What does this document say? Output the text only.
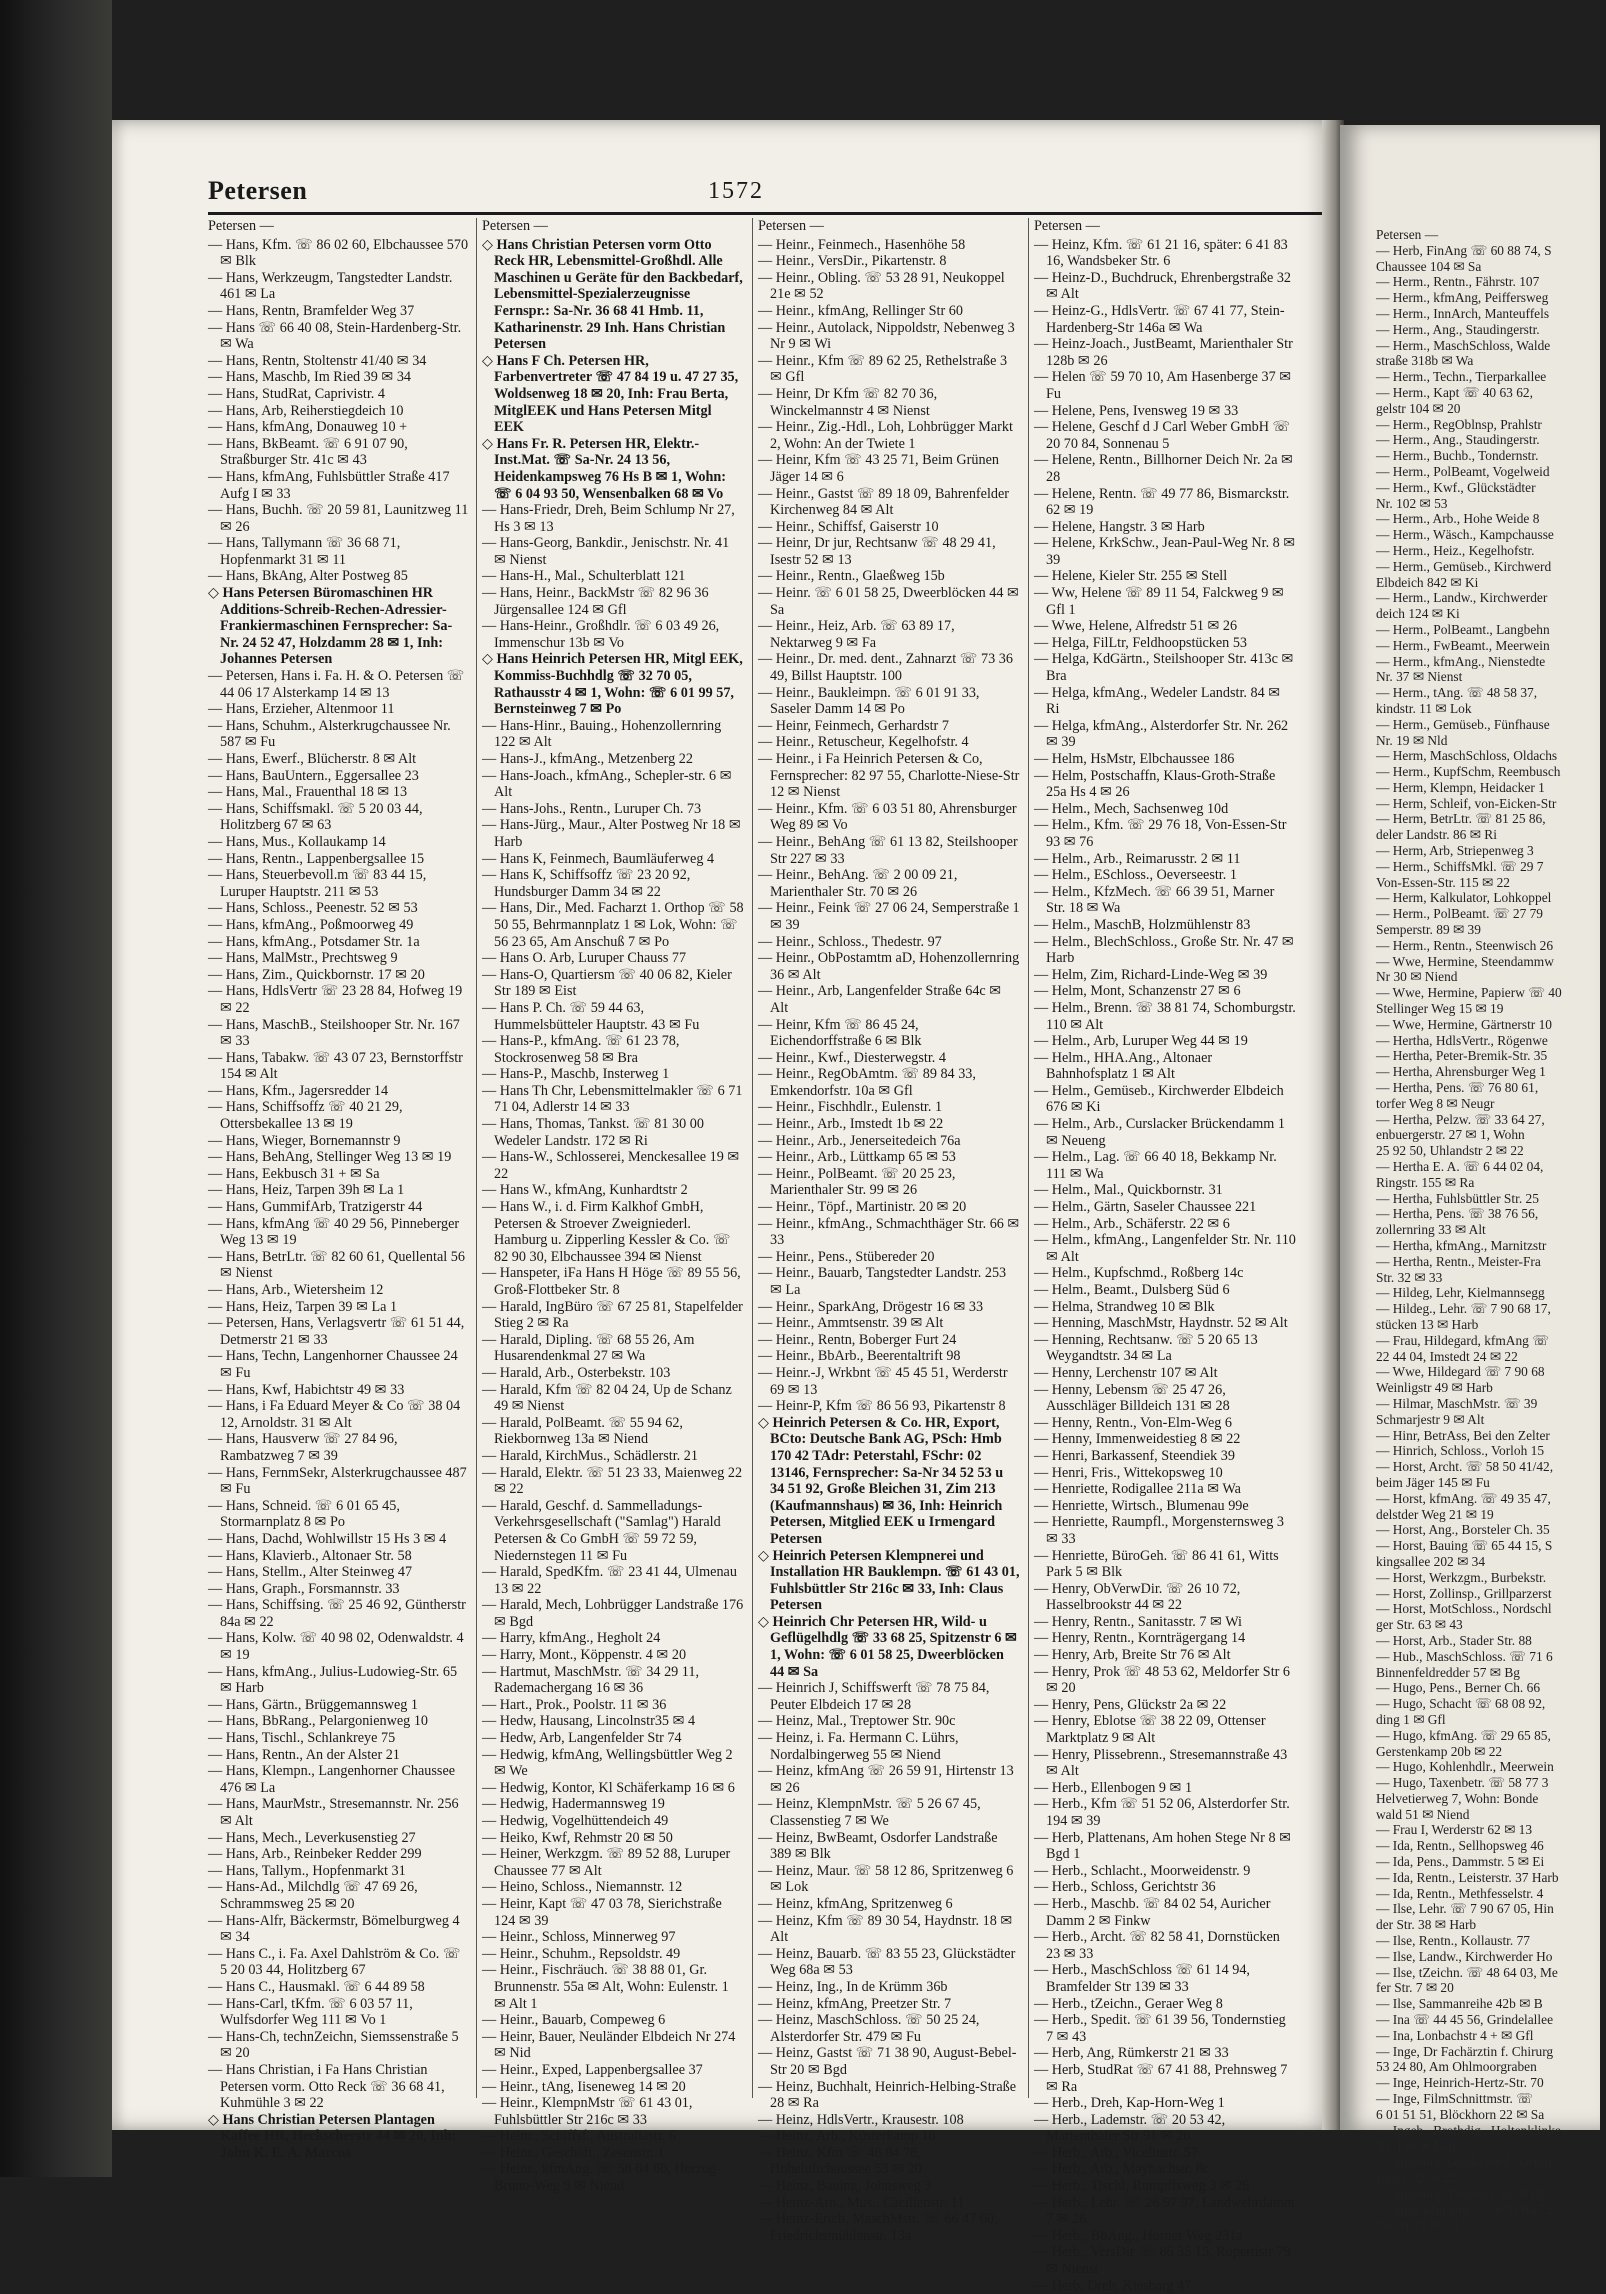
Petersen	1572

Petersen —

— Hans, Kfm. ☏ 86 02 60, Elbchaussee 570 ✉ Blk

— Hans, Werkzeugm, Tangstedter Landstr. 461 ✉ La

— Hans, Rentn, Bramfelder Weg 37

— Hans ☏ 66 40 08, Stein-Hardenberg-Str. ✉ Wa

— Hans, Rentn, Stoltenstr 41/40 ✉ 34

— Hans, Maschb, Im Ried 39 ✉ 34

— Hans, StudRat, Caprivistr. 4

— Hans, Arb, Reiherstiegdeich 10

— Hans, kfmAng, Donauweg 10 +

— Hans, BkBeamt. ☏ 6 91 07 90, Straßburger Str. 41c ✉ 43

— Hans, kfmAng, Fuhlsbüttler Straße 417 Aufg I ✉ 33

— Hans, Buchh. ☏ 20 59 81, Launitzweg 11 ✉ 26

— Hans, Tallymann ☏ 36 68 71, Hopfenmarkt 31 ✉ 11

— Hans, BkAng, Alter Postweg 85

◇ Hans Petersen Büromaschinen HR Additions-Schreib-Rechen-Adressier-Frankiermaschinen Fernsprecher: Sa-Nr. 24 52 47, Holzdamm 28 ✉ 1, Inh: Johannes Petersen

— Petersen, Hans i. Fa. H. & O. Petersen ☏ 44 06 17 Alsterkamp 14 ✉ 13

— Hans, Erzieher, Altenmoor 11

— Hans, Schuhm., Alsterkrugchaussee Nr. 587 ✉ Fu

— Hans, Ewerf., Blücherstr. 8 ✉ Alt

— Hans, BauUntern., Eggersallee 23

— Hans, Mal., Frauenthal 18 ✉ 13

— Hans, Schiffsmakl. ☏ 5 20 03 44, Holitzberg 67 ✉ 63

— Hans, Mus., Kollaukamp 14

— Hans, Rentn., Lappenbergsallee 15

— Hans, Steuerbevoll.m ☏ 83 44 15, Luruper Hauptstr. 211 ✉ 53

— Hans, Schloss., Peenestr. 52 ✉ 53

— Hans, kfmAng., Poßmoorweg 49

— Hans, kfmAng., Potsdamer Str. 1a

— Hans, MalMstr., Prechtsweg 9

— Hans, Zim., Quickbornstr. 17 ✉ 20

— Hans, HdlsVertr ☏ 23 28 84, Hofweg 19 ✉ 22

— Hans, MaschB., Steilshooper Str. Nr. 167 ✉ 33

— Hans, Tabakw. ☏ 43 07 23, Bernstorffstr 154 ✉ Alt

— Hans, Kfm., Jagersredder 14

— Hans, Schiffsoffz ☏ 40 21 29, Ottersbekallee 13 ✉ 19

— Hans, Wieger, Bornemannstr 9

— Hans, BehAng, Stellinger Weg 13 ✉ 19

— Hans, Eekbusch 31 + ✉ Sa

— Hans, Heiz, Tarpen 39h ✉ La 1

— Hans, GummifArb, Tratzigerstr 44

— Hans, kfmAng ☏ 40 29 56, Pinneberger Weg 13 ✉ 19

— Hans, BetrLtr. ☏ 82 60 61, Quellental 56 ✉ Nienst

— Hans, Arb., Wietersheim 12

— Hans, Heiz, Tarpen 39 ✉ La 1

— Petersen, Hans, Verlagsvertr ☏ 61 51 44, Detmerstr 21 ✉ 33

— Hans, Techn, Langenhorner Chaussee 24 ✉ Fu

— Hans, Kwf, Habichtstr 49 ✉ 33

— Hans, i Fa Eduard Meyer & Co ☏ 38 04 12, Arnoldstr. 31 ✉ Alt

— Hans, Hausverw ☏ 27 84 96, Rambatzweg 7 ✉ 39

— Hans, FernmSekr, Alsterkrugchaussee 487 ✉ Fu

— Hans, Schneid. ☏ 6 01 65 45, Stormarnplatz 8 ✉ Po

— Hans, Dachd, Wohlwillstr 15 Hs 3 ✉ 4

— Hans, Klavierb., Altonaer Str. 58

— Hans, Stellm., Alter Steinweg 47

— Hans, Graph., Forsmannstr. 33

— Hans, Schiffsing. ☏ 25 46 92, Güntherstr 84a ✉ 22

— Hans, Kolw. ☏ 40 98 02, Odenwaldstr. 4 ✉ 19

— Hans, kfmAng., Julius-Ludowieg-Str. 65 ✉ Harb

— Hans, Gärtn., Brüggemannsweg 1

— Hans, BbRang., Pelargonienweg 10

— Hans, Tischl., Schlankreye 75

— Hans, Rentn., An der Alster 21

— Hans, Klempn., Langenhorner Chaussee 476 ✉ La

— Hans, MaurMstr., Stresemannstr. Nr. 256 ✉ Alt

— Hans, Mech., Leverkusenstieg 27

— Hans, Arb., Reinbeker Redder 299

— Hans, Tallym., Hopfenmarkt 31

— Hans-Ad., Milchdlg ☏ 47 69 26, Schrammsweg 25 ✉ 20

— Hans-Alfr, Bäckermstr, Bömelburgweg 4 ✉ 34

— Hans C., i. Fa. Axel Dahlström & Co. ☏ 5 20 03 44, Holitzberg 67

— Hans C., Hausmakl. ☏ 6 44 89 58

— Hans-Carl, tKfm. ☏ 6 03 57 11, Wulfsdorfer Weg 111 ✉ Vo 1

— Hans-Ch, technZeichn, Siemssenstraße 5 ✉ 20

— Hans Christian, i Fa Hans Christian Petersen vorm. Otto Reck ☏ 36 68 41, Kuhmühle 3 ✉ 22

◇ Hans Christian Petersen Plantagen Kaffee HR, Heckscherstr 44 ✉ 20, Inh: John K. E. A. Marcus

Petersen —

◇ Hans Christian Petersen vorm Otto Reck HR, Lebensmittel-Großhdl. Alle Maschinen u Geräte für den Backbedarf, Lebensmittel-Spezialerzeugnisse Fernspr.: Sa-Nr. 36 68 41 Hmb. 11, Katharinenstr. 29 Inh. Hans Christian Petersen

◇ Hans F Ch. Petersen HR, Farbenvertreter ☏ 47 84 19 u. 47 27 35, Woldsenweg 18 ✉ 20, Inh: Frau Berta, MitglEEK und Hans Petersen Mitgl EEK

◇ Hans Fr. R. Petersen HR, Elektr.-Inst.Mat. ☏ Sa-Nr. 24 13 56, Heidenkampsweg 76 Hs B ✉ 1, Wohn: ☏ 6 04 93 50, Wensenbalken 68 ✉ Vo

— Hans-Friedr, Dreh, Beim Schlump Nr 27, Hs 3 ✉ 13

— Hans-Georg, Bankdir., Jenischstr. Nr. 41 ✉ Nienst

— Hans-H., Mal., Schulterblatt 121

— Hans, Heinr., BackMstr ☏ 82 96 36 Jürgensallee 124 ✉ Gfl

— Hans-Heinr., Großhdlr. ☏ 6 03 49 26, Immenschur 13b ✉ Vo

◇ Hans Heinrich Petersen HR, Mitgl EEK, Kommiss-Buchhdlg ☏ 32 70 05, Rathausstr 4 ✉ 1, Wohn: ☏ 6 01 99 57, Bernsteinweg 7 ✉ Po

— Hans-Hinr., Bauing., Hohenzollernring 122 ✉ Alt

— Hans-J., kfmAng., Metzenberg 22

— Hans-Joach., kfmAng., Schepler-str. 6 ✉ Alt

— Hans-Johs., Rentn., Luruper Ch. 73

— Hans-Jürg., Maur., Alter Postweg Nr 18 ✉ Harb

— Hans K, Feinmech, Baumläuferweg 4

— Hans K, Schiffsoffz ☏ 23 20 92, Hundsburger Damm 34 ✉ 22

— Hans, Dir., Med. Facharzt 1. Orthop ☏ 58 50 55, Behrmannplatz 1 ✉ Lok, Wohn: ☏ 56 23 65, Am Anschuß 7 ✉ Po

— Hans O. Arb, Luruper Chauss 77

— Hans-O, Quartiersm ☏ 40 06 82, Kieler Str 189 ✉ Eist

— Hans P. Ch. ☏ 59 44 63, Hummelsbütteler Hauptstr. 43 ✉ Fu

— Hans-P., kfmAng. ☏ 61 23 78, Stockrosenweg 58 ✉ Bra

— Hans-P., Maschb, Insterweg 1

— Hans Th Chr, Lebensmittelmakler ☏ 6 71 71 04, Adlerstr 14 ✉ 33

— Hans, Thomas, Tankst. ☏ 81 30 00 Wedeler Landstr. 172 ✉ Ri

— Hans-W., Schlosserei, Menckesallee 19 ✉ 22

— Hans W., kfmAng, Kunhardtstr 2

— Hans W., i. d. Firm Kalkhof GmbH, Petersen & Stroever Zweigniederl. Hamburg u. Zipperling Kessler & Co. ☏ 82 90 30, Elbchaussee 394 ✉ Nienst

— Hanspeter, iFa Hans H Höge ☏ 89 55 56, Groß-Flottbeker Str. 8

— Harald, IngBüro ☏ 67 25 81, Stapelfelder Stieg 2 ✉ Ra

— Harald, Dipling. ☏ 68 55 26, Am Husarendenkmal 27 ✉ Wa

— Harald, Arb., Osterbekstr. 103

— Harald, Kfm ☏ 82 04 24, Up de Schanz 49 ✉ Nienst

— Harald, PolBeamt. ☏ 55 94 62, Riekbornweg 13a ✉ Niend

— Harald, KirchMus., Schädlerstr. 21

— Harald, Elektr. ☏ 51 23 33, Maienweg 22 ✉ 22

— Harald, Geschf. d. Sammelladungs-Verkehrsgesellschaft ("Samlag") Harald Petersen & Co GmbH ☏ 59 72 59, Niedernstegen 11 ✉ Fu

— Harald, SpedKfm. ☏ 23 41 44, Ulmenau 13 ✉ 22

— Harald, Mech, Lohbrügger Landstraße 176 ✉ Bgd

— Harry, kfmAng., Hegholt 24

— Harry, Mont., Köppenstr. 4 ✉ 20

— Hartmut, MaschMstr. ☏ 34 29 11, Rademachergang 16 ✉ 36

— Hart., Prok., Poolstr. 11 ✉ 36

— Hedw, Hausang, Lincolnstr35 ✉ 4

— Hedw, Arb, Langenfelder Str 74

— Hedwig, kfmAng, Wellingsbüttler Weg 2 ✉ We

— Hedwig, Kontor, Kl Schäferkamp 16 ✉ 6

— Hedwig, Hadermannsweg 19

— Hedwig, Vogelhüttendeich 49

— Heiko, Kwf, Rehmstr 20 ✉ 50

— Heiner, Werkzgm. ☏ 89 52 88, Luruper Chaussee 77 ✉ Alt

— Heino, Schloss., Niemannstr. 12

— Heinr, Kapt ☏ 47 03 78, Sierichstraße 124 ✉ 39

— Heinr., Schloss, Minnerweg 97

— Heinr., Schuhm., Repsoldstr. 49

— Heinr., Fischräuch. ☏ 38 88 01, Gr. Brunnenstr. 55a ✉ Alt, Wohn: Eulenstr. 1 ✉ Alt 1

— Heinr., Bauarb, Compeweg 6

— Heinr, Bauer, Neuländer Elbdeich Nr 274 ✉ Nid

— Heinr., Exped, Lappenbergsallee 37

— Heinr., tAng, Iiseneweg 14 ✉ 20

— Heinr., KlempnMstr ☏ 61 43 01, Fuhlsbüttler Str 216c ✉ 33

— Heinr., Schiffsf., Australiastr. 6

— Heinr., Geschäft., Zesenstr. 1

— Heinr., kfmAng. ☏ 58 64 80, Herzog-Bruno-Weg 9 ✉ Niend

Petersen —

— Heinr., Feinmech., Hasenhöhe 58

— Heinr., VersDir., Pikartenstr. 8

— Heinr., Obling. ☏ 53 28 91, Neukoppel 21e ✉ 52

— Heinr., kfmAng, Rellinger Str 60

— Heinr., Autolack, Nippoldstr, Nebenweg 3 Nr 9 ✉ Wi

— Heinr., Kfm ☏ 89 62 25, Rethelstraße 3 ✉ Gfl

— Heinr, Dr Kfm ☏ 82 70 36, Winckelmannstr 4 ✉ Nienst

— Heinr., Zig.-Hdl., Loh, Lohbrügger Markt 2, Wohn: An der Twiete 1

— Heinr, Kfm ☏ 43 25 71, Beim Grünen Jäger 14 ✉ 6

— Heinr., Gastst ☏ 89 18 09, Bahrenfelder Kirchenweg 84 ✉ Alt

— Heinr., Schiffsf, Gaiserstr 10

— Heinr, Dr jur, Rechtsanw ☏ 48 29 41, Isestr 52 ✉ 13

— Heinr., Rentn., Glaeßweg 15b

— Heinr. ☏ 6 01 58 25, Dweerblöcken 44 ✉ Sa

— Heinr., Heiz, Arb. ☏ 63 89 17, Nektarweg 9 ✉ Fa

— Heinr., Dr. med. dent., Zahnarzt ☏ 73 36 49, Billst Hauptstr. 100

— Heinr., Baukleimpn. ☏ 6 01 91 33, Saseler Damm 14 ✉ Po

— Heinr, Feinmech, Gerhardstr 7

— Heinr., Retuscheur, Kegelhofstr. 4

— Heinr., i Fa Heinrich Petersen & Co, Fernsprecher: 82 97 55, Charlotte-Niese-Str 12 ✉ Nienst

— Heinr., Kfm. ☏ 6 03 51 80, Ahrensburger Weg 89 ✉ Vo

— Heinr., BehAng ☏ 61 13 82, Steilshooper Str 227 ✉ 33

— Heinr., BehAng. ☏ 2 00 09 21, Marienthaler Str. 70 ✉ 26

— Heinr., Feink ☏ 27 06 24, Semperstraße 1 ✉ 39

— Heinr., Schloss., Thedestr. 97

— Heinr., ObPostamtm aD, Hohenzollernring 36 ✉ Alt

— Heinr., Arb, Langenfelder Straße 64c ✉ Alt

— Heinr, Kfm ☏ 86 45 24, Eichendorffstraße 6 ✉ Blk

— Heinr., Kwf., Diesterwegstr. 4

— Heinr., RegObAmtm. ☏ 89 84 33, Emkendorfstr. 10a ✉ Gfl

— Heinr., Fischhdlr., Eulenstr. 1

— Heinr., Arb., Imstedt 1b ✉ 22

— Heinr., Arb., Jenerseitedeich 76a

— Heinr., Arb., Lüttkamp 65 ✉ 53

— Heinr., PolBeamt. ☏ 20 25 23, Marienthaler Str. 99 ✉ 26

— Heinr., Töpf., Martinistr. 20 ✉ 20

— Heinr., kfmAng., Schmachthäger Str. 66 ✉ 33

— Heinr., Pens., Stübereder 20

— Heinr., Bauarb, Tangstedter Landstr. 253 ✉ La

— Heinr., SparkAng, Drögestr 16 ✉ 33

— Heinr., Ammtsenstr. 39 ✉ Alt

— Heinr., Rentn, Boberger Furt 24

— Heinr., BbArb., Beerentaltrift 98

— Heinr.-J, Wrkbnt ☏ 45 45 51, Werderstr 69 ✉ 13

— Heinr-P, Kfm ☏ 86 56 93, Pikartenstr 8

◇ Heinrich Petersen & Co. HR, Export, BCto: Deutsche Bank AG, PSch: Hmb 170 42 TAdr: Peterstahl, FSchr: 02 13146, Fernsprecher: Sa-Nr 34 52 53 u 34 51 92, Große Bleichen 31, Zim 213 (Kaufmannshaus) ✉ 36, Inh: Heinrich Petersen, Mitglied EEK u Irmengard Petersen

◇ Heinrich Petersen Klempnerei und Installation HR Bauklempn. ☏ 61 43 01, Fuhlsbüttler Str 216c ✉ 33, Inh: Claus Petersen

◇ Heinrich Chr Petersen HR, Wild- u Geflügelhdlg ☏ 33 68 25, Spitzenstr 6 ✉ 1, Wohn: ☏ 6 01 58 25, Dweerblöcken 44 ✉ Sa

— Heinrich J, Schiffswerft ☏ 78 75 84, Peuter Elbdeich 17 ✉ 28

— Heinz, Mal., Treptower Str. 90c

— Heinz, i. Fa. Hermann C. Lührs, Nordalbingerweg 55 ✉ Niend

— Heinz, kfmAng ☏ 26 59 91, Hirtenstr 13 ✉ 26

— Heinz, KlempnMstr. ☏ 5 26 67 45, Classenstieg 7 ✉ We

— Heinz, BwBeamt, Osdorfer Landstraße 389 ✉ Blk

— Heinz, Maur. ☏ 58 12 86, Spritzenweg 6 ✉ Lok

— Heinz, kfmAng, Spritzenweg 6

— Heinz, Kfm ☏ 89 30 54, Haydnstr. 18 ✉ Alt

— Heinz, Bauarb. ☏ 83 55 23, Glückstädter Weg 68a ✉ 53

— Heinz, Ing., In de Krümm 36b

— Heinz, kfmAng, Preetzer Str. 7

— Heinz, MaschSchloss. ☏ 50 25 24, Alsterdorfer Str. 479 ✉ Fu

— Heinz, Gastst ☏ 71 38 90, August-Bebel-Str 20 ✉ Bgd

— Heinz, Buchhalt, Heinrich-Helbing-Straße 28 ✉ Ra

— Heinz, HdlsVertr., Krausestr. 108

— Heinz, Arb., Küsterkamp 18

— Heinz, Kfm ☏ 48 84 78, Hoheluftchaussee 53 ✉ 20

— Heinz, Bauing, Johnsweg 3

— Heinz-Arn., Mus., Cäcilienstr. 11

— Heinz-Erich, MaschMstr. ☏ 66 47 60, Friedrichsmühlenstr. 13a

Petersen —

— Heinz, Kfm. ☏ 61 21 16, später: 6 41 83 16, Wandsbeker Str. 6

— Heinz-D., Buchdruck, Ehrenbergstraße 32 ✉ Alt

— Heinz-G., HdlsVertr. ☏ 67 41 77, Stein-Hardenberg-Str 146a ✉ Wa

— Heinz-Joach., JustBeamt, Marienthaler Str 128b ✉ 26

— Helen ☏ 59 70 10, Am Hasenberge 37 ✉ Fu

— Helene, Pens, Ivensweg 19 ✉ 33

— Helene, Geschf d J Carl Weber GmbH ☏ 20 70 84, Sonnenau 5

— Helene, Rentn., Billhorner Deich Nr. 2a ✉ 28

— Helene, Rentn. ☏ 49 77 86, Bismarckstr. 62 ✉ 19

— Helene, Hangstr. 3 ✉ Harb

— Helene, KrkSchw., Jean-Paul-Weg Nr. 8 ✉ 39

— Helene, Kieler Str. 255 ✉ Stell

— Ww, Helene ☏ 89 11 54, Falckweg 9 ✉ Gfl 1

— Wwe, Helene, Alfredstr 51 ✉ 26

— Helga, FilLtr, Feldhoopstücken 53

— Helga, KdGärtn., Steilshooper Str. 413c ✉ Bra

— Helga, kfmAng., Wedeler Landstr. 84 ✉ Ri

— Helga, kfmAng., Alsterdorfer Str. Nr. 262 ✉ 39

— Helm, HsMstr, Elbchaussee 186

— Helm, Postschaffn, Klaus-Groth-Straße 25a Hs 4 ✉ 26

— Helm., Mech, Sachsenweg 10d

— Helm., Kfm. ☏ 29 76 18, Von-Essen-Str 93 ✉ 76

— Helm., Arb., Reimarusstr. 2 ✉ 11

— Helm., ESchloss., Oeverseestr. 1

— Helm., KfzMech. ☏ 66 39 51, Marner Str. 18 ✉ Wa

— Helm., MaschB, Holzmühlenstr 83

— Helm., BlechSchloss., Große Str. Nr. 47 ✉ Harb

— Helm, Zim, Richard-Linde-Weg ✉ 39

— Helm, Mont, Schanzenstr 27 ✉ 6

— Helm., Brenn. ☏ 38 81 74, Schomburgstr. 110 ✉ Alt

— Helm., Arb, Luruper Weg 44 ✉ 19

— Helm., HHA.Ang., Altonaer Bahnhofsplatz 1 ✉ Alt

— Helm., Gemüseb., Kirchwerder Elbdeich 676 ✉ Ki

— Helm., Arb., Curslacker Brückendamm 1 ✉ Neueng

— Helm., Lag. ☏ 66 40 18, Bekkamp Nr. 111 ✉ Wa

— Helm., Mal., Quickbornstr. 31

— Helm., Gärtn, Saseler Chaussee 221

— Helm., Arb., Schäferstr. 22 ✉ 6

— Helm., kfmAng., Langenfelder Str. Nr. 110 ✉ Alt

— Helm., Kupfschmd., Roßberg 14c

— Helm., Beamt., Dulsberg Süd 6

— Helma, Strandweg 10 ✉ Blk

— Henning, MaschMstr, Haydnstr. 52 ✉ Alt

— Henning, Rechtsanw. ☏ 5 20 65 13 Weygandtstr. 34 ✉ La

— Henny, Lerchenstr 107 ✉ Alt

— Henny, Lebensm ☏ 25 47 26, Ausschläger Billdeich 131 ✉ 28

— Henny, Rentn., Von-Elm-Weg 6

— Henny, Immenweidestieg 8 ✉ 22

— Henri, Barkassenf, Steendiek 39

— Henri, Fris., Wittekopsweg 10

— Henriette, Rodigallee 211a ✉ Wa

— Henriette, Wirtsch., Blumenau 99e

— Henriette, Raumpfl., Morgensternsweg 3 ✉ 33

— Henriette, BüroGeh. ☏ 86 41 61, Witts Park 5 ✉ Blk

— Henry, ObVerwDir. ☏ 26 10 72, Hasselbrookstr 44 ✉ 22

— Henry, Rentn., Sanitasstr. 7 ✉ Wi

— Henry, Rentn., Kornträgergang 14

— Henry, Arb, Breite Str 76 ✉ Alt

— Henry, Prok ☏ 48 53 62, Meldorfer Str 6 ✉ 20

— Henry, Pens, Glückstr 2a ✉ 22

— Henry, Eblotse ☏ 38 22 09, Ottenser Marktplatz 9 ✉ Alt

— Henry, Plissebrenn., Stresemannstraße 43 ✉ Alt

— Herb., Ellenbogen 9 ✉ 1

— Herb., Kfm ☏ 51 52 06, Alsterdorfer Str. 194 ✉ 39

— Herb, Plattenans, Am hohen Stege Nr 8 ✉ Bgd 1

— Herb., Schlacht., Moorweidenstr. 9

— Herb., Schloss, Gerichtstr 36

— Herb., Maschb. ☏ 84 02 54, Auricher Damm 2 ✉ Finkw

— Herb., Archt. ☏ 82 58 41, Dornstücken 23 ✉ 33

— Herb., MaschSchloss ☏ 61 14 94, Bramfelder Str 139 ✉ 33

— Herb., tZeichn., Geraer Weg 8

— Herb., Spedit. ☏ 61 39 56, Tondernstieg 7 ✉ 43

— Herb, Ang, Rümkerstr 21 ✉ 33

— Herb, StudRat ☏ 67 41 88, Prehnsweg 7 ✉ Ra

— Herb., Dreh, Kap-Horn-Weg 1

— Herb., Lademstr. ☏ 20 53 42, Marienthaler Str 91 ✉ 26

— Herb., Arb., Vicelinstr. 57

— Herb., Arb., Maybachstr. 8c

— Herb., Tischl, Rumpffsweg 3 ✉ 26

— Herb., Lehr. ☏ 26 97 97, Landwehrdamm 7 ✉ 26

— Herb., BbAng., Horner Weg 231a

— Herb., VersDir ☏ 86 35 15, Rupertistr 79 ✉ Nienst

— Herb, Dreh, Kiesbarg 47

Petersen —

— Herb, FinAng ☏ 60 88 74, S

Chaussee 104 ✉ Sa

— Herm., Rentn., Fährstr. 107

— Herm., kfmAng, Peiffersweg

— Herm., InnArch, Manteuffels

— Herm., Ang., Staudingerstr.

— Herm., MaschSchloss, Walde

straße 318b ✉ Wa

— Herm., Techn., Tierparkallee

— Herm., Kapt ☏ 40 63 62,

gelstr 104 ✉ 20

— Herm., RegOblnsp, Prahlstr

— Herm., Ang., Staudingerstr.

— Herm., Buchb., Tondernstr.

— Herm., PolBeamt, Vogelweid

— Herm., Kwf., Glückstädter

Nr. 102 ✉ 53

— Herm., Arb., Hohe Weide 8

— Herm., Wäsch., Kampchausse

— Herm., Heiz., Kegelhofstr.

— Herm., Gemüseb., Kirchwerd

Elbdeich 842 ✉ Ki

— Herm., Landw., Kirchwerder

deich 124 ✉ Ki

— Herm., PolBeamt., Langbehn

— Herm., FwBeamt., Meerwein

— Herm., kfmAng., Nienstedte

Nr. 37 ✉ Nienst

— Herm., tAng. ☏ 48 58 37,

kindstr. 11 ✉ Lok

— Herm., Gemüseb., Fünfhause

Nr. 19 ✉ Nld

— Herm, MaschSchloss, Oldachs

— Herm., KupfSchm, Reembusch

— Herm, Klempn, Heidacker 1

— Herm, Schleif, von-Eicken-Str

— Herm, BetrLtr. ☏ 81 25 86,

deler Landstr. 86 ✉ Ri

— Herm, Arb, Striepenweg 3

— Herm., SchiffsMkl. ☏ 29 7

Von-Essen-Str. 115 ✉ 22

— Herm, Kalkulator, Lohkoppel

— Herm., PolBeamt. ☏ 27 79

Semperstr. 89 ✉ 39

— Herm., Rentn., Steenwisch 26

— Wwe, Hermine, Steendammw

Nr 30 ✉ Niend

— Wwe, Hermine, Papierw ☏ 40

Stellinger Weg 15 ✉ 19

— Wwe, Hermine, Gärtnerstr 10

— Hertha, HdlsVertr., Rögenwe

— Hertha, Peter-Bremik-Str. 35

— Hertha, Ahrensburger Weg 1

— Hertha, Pens. ☏ 76 80 61,

torfer Weg 8 ✉ Neugr

— Hertha, Pelzw. ☏ 33 64 27,

enbuergerstr. 27 ✉ 1, Wohn

25 92 50, Uhlandstr 2 ✉ 22

— Hertha E. A. ☏ 6 44 02 04,

Ringstr. 155 ✉ Ra

— Hertha, Fuhlsbüttler Str. 25

— Hertha, Pens. ☏ 38 76 56,

zollernring 33 ✉ Alt

— Hertha, kfmAng., Marnitzstr

— Hertha, Rentn., Meister-Fra

Str. 32 ✉ 33

— Hildeg, Lehr, Kielmannsegg

— Hildeg., Lehr. ☏ 7 90 68 17,

stücken 13 ✉ Harb

— Frau, Hildegard, kfmAng ☏

22 44 04, Imstedt 24 ✉ 22

— Wwe, Hildegard ☏ 7 90 68

Weinligstr 49 ✉ Harb

— Hilmar, MaschMstr. ☏ 39

Schmarjestr 9 ✉ Alt

— Hinr, BetrAss, Bei den Zelter

— Hinrich, Schloss., Vorloh 15

— Horst, Archt. ☏ 58 50 41/42,

beim Jäger 145 ✉ Fu

— Horst, kfmAng. ☏ 49 35 47,

delstder Weg 21 ✉ 19

— Horst, Ang., Borsteler Ch. 35

— Horst, Bauing ☏ 65 44 15, S

kingsallee 202 ✉ 34

— Horst, Werkzgm., Burbekstr.

— Horst, Zollinsp., Grillparzerst

— Horst, MotSchloss., Nordschl

ger Str. 63 ✉ 43

— Horst, Arb., Stader Str. 88

— Hub., MaschSchloss. ☏ 71 6

Binnenfeldredder 57 ✉ Bg

— Hugo, Pens., Berner Ch. 66

— Hugo, Schacht ☏ 68 08 92,

ding 1 ✉ Gfl

— Hugo, kfmAng. ☏ 29 65 85,

Gerstenkamp 20b ✉ 22

— Hugo, Kohlenhdlr., Meerwein

— Hugo, Taxenbetr. ☏ 58 77 3

Helvetierweg 7, Wohn: Bonde

wald 51 ✉ Niend

— Frau I, Werderstr 62 ✉ 13

— Ida, Rentn., Sellhopsweg 46

— Ida, Pens., Dammstr. 5 ✉ Ei

— Ida, Rentn., Leisterstr. 37 Harb

— Ida, Rentn., Methfesselstr. 4

— Ilse, Lehr. ☏ 7 90 67 05, Hin

der Str. 38 ✉ Harb

— Ilse, Rentn., Kollaustr. 77

— Ilse, Landw., Kirchwerder Ho

— Ilse, tZeichn. ☏ 48 64 03, Me

fer Str. 7 ✉ 20

— Ilse, Sammanreihe 42b ✉ B

— Ina ☏ 44 45 56, Grindelallee

— Ina, Lonbachstr 4 + ✉ Gfl

— Inge, Dr Fachärztin f. Chirurg

53 24 80, Am Ohlmoorgraben

— Inge, Heinrich-Hertz-Str. 70

— Inge, FilmSchnittmstr. ☏

6 01 51 51, Blöckhorn 22 ✉ Sa

— Ingeb., Brothdig., Holtenklinke

Nr. 116 ✉ Bgd

— Ingeborg, Goldschmd., Grillp

zerstr. 32 ✉ 22

— Ingeborg, Tietzestr. 10 ✉ Bl

— Ingo, kfmAng. ☏ 6 91 04 72,

merstr 21 ✉ 33
